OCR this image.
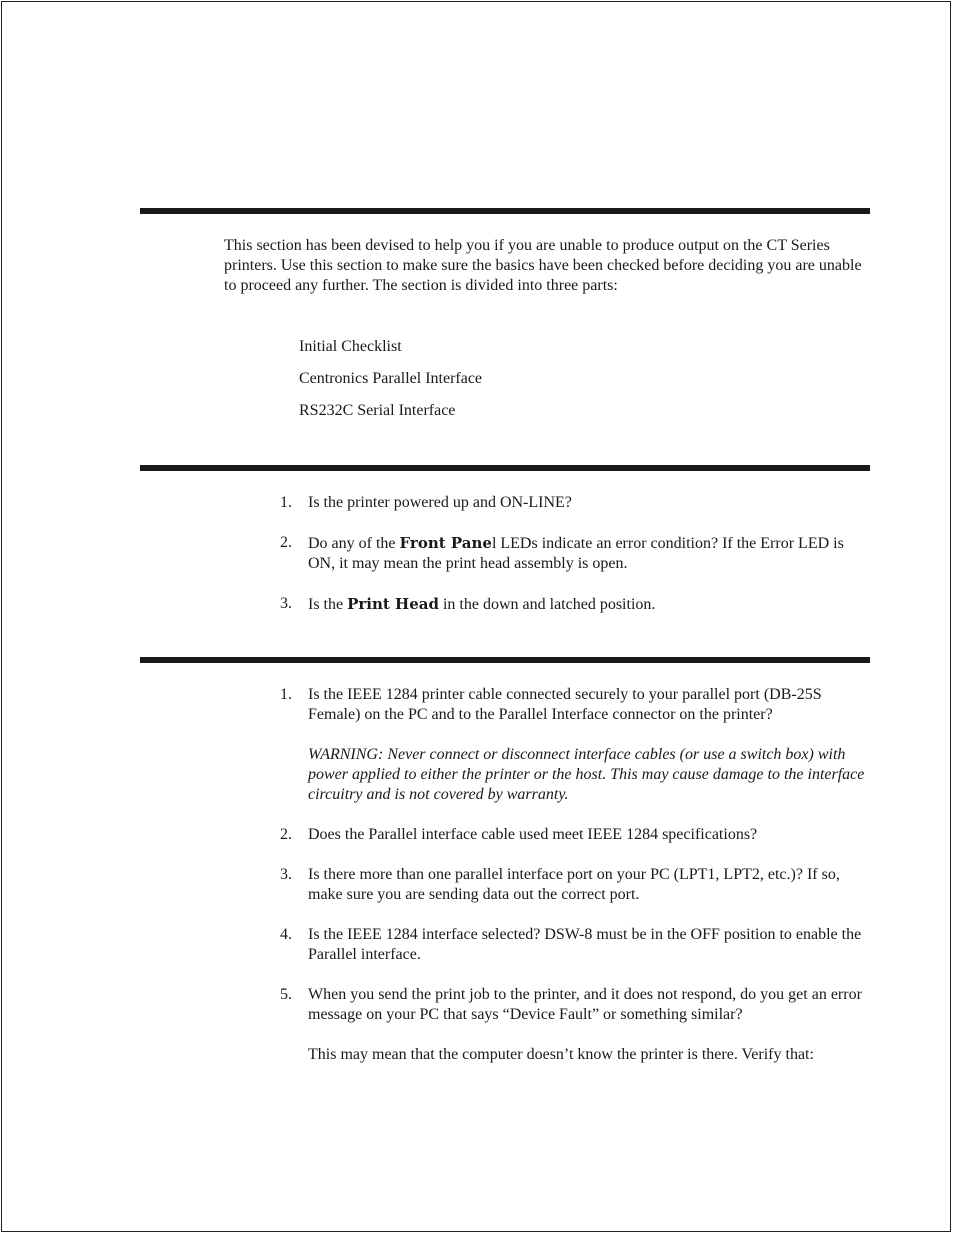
This section has been devised to help you if you are unable to produce output on the CT Series printers. Use this section to make sure the basics have been checked before deciding you are unable to proceed any further. The section is divided into three parts:

Initial Checklist
Centronics Parallel Interface
RS232C Serial Interface
1. Is the printer powered up and ON-LINE?

2. Do any of the Front Panel LEDs indicate an error condition? If the Error LED is ON, it may mean the print head assembly is open.

3. Is the Print Head in the down and latched position.

1. Is the IEEE 1284 printer cable connected securely to your parallel port (DB-25S Female) on the PC and to the Parallel Interface connector on the printer?

WARNING: Never connect or disconnect interface cables (or use a switch box) with power applied to either the printer or the host. This may cause damage to the interface circuitry and is not covered by warranty.

2. Does the Parallel interface cable used meet IEEE 1284 specifications?

3. Is there more than one parallel interface port on your PC (LPT1, LPT2, etc.)? If so, make sure you are sending data out the correct port.

4. Is the IEEE 1284 interface selected? DSW-8 must be in the OFF position to enable the Parallel interface.

5. When you send the print job to the printer, and it does not respond, do you get an error message on your PC that says “Device Fault” or something similar?

This may mean that the computer doesn’t know the printer is there. Verify that:
